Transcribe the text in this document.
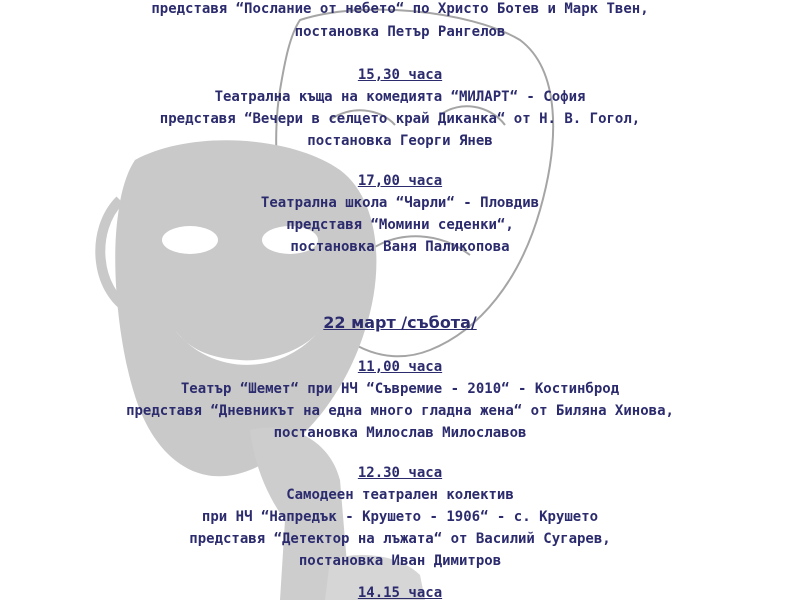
представя “Послание от небето“ по Христо Ботев и Марк Твен,
постановка Петър Рангелов
15,30 часа
Театрална къща на комедията “МИЛАРТ“ - София
представя “Вечери в селцето край Диканка“ от Н. В. Гогол,
постановка Георги Янев
17,00 часа
Театрална школа “Чарли“ - Пловдив
представя “Момини седенки“,
постановка Ваня Паликопова
22 март /събота/
11,00 часа
Театър “Шемет“ при НЧ “Съвремие - 2010“ - Костинброд
представя “Дневникът на една много гладна жена“ от Биляна Хинова,
постановка Милослав Милославов
12.30 часа
Самодеен театрален колектив
при НЧ “Напредък - Крушето - 1906“ - с. Крушето
представя “Детектор на лъжата“ от Василий Сугарев,
постановка Иван Димитров
14.15 часа
